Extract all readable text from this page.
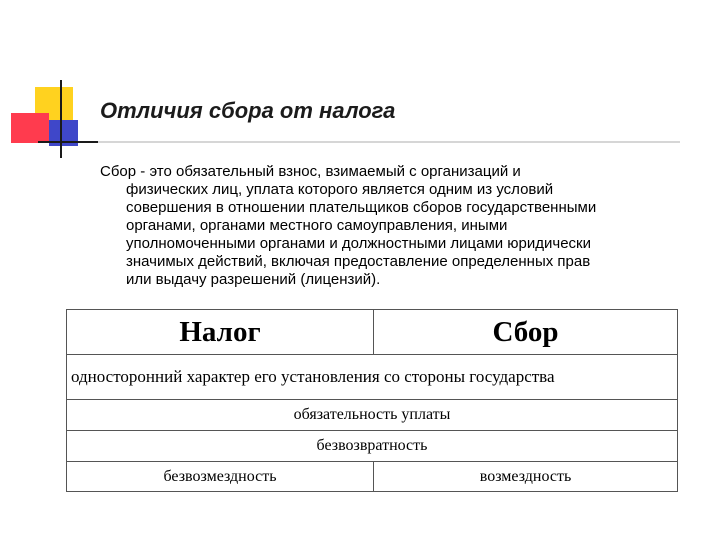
Отличия сбора от налога
Сбор - это обязательный взнос, взимаемый с организаций и
физических лиц, уплата которого является одним из условий
совершения в отношении плательщиков сборов государственными
органами, органами местного самоуправления, иными
уполномоченными органами и должностными лицами юридически
значимых действий, включая предоставление определенных прав
или выдачу разрешений (лицензий).
Налог	Сбор
односторонний характер его установления со стороны государства	
обязательность уплаты	
безвозвратность	
безвозмездность	возмездность
